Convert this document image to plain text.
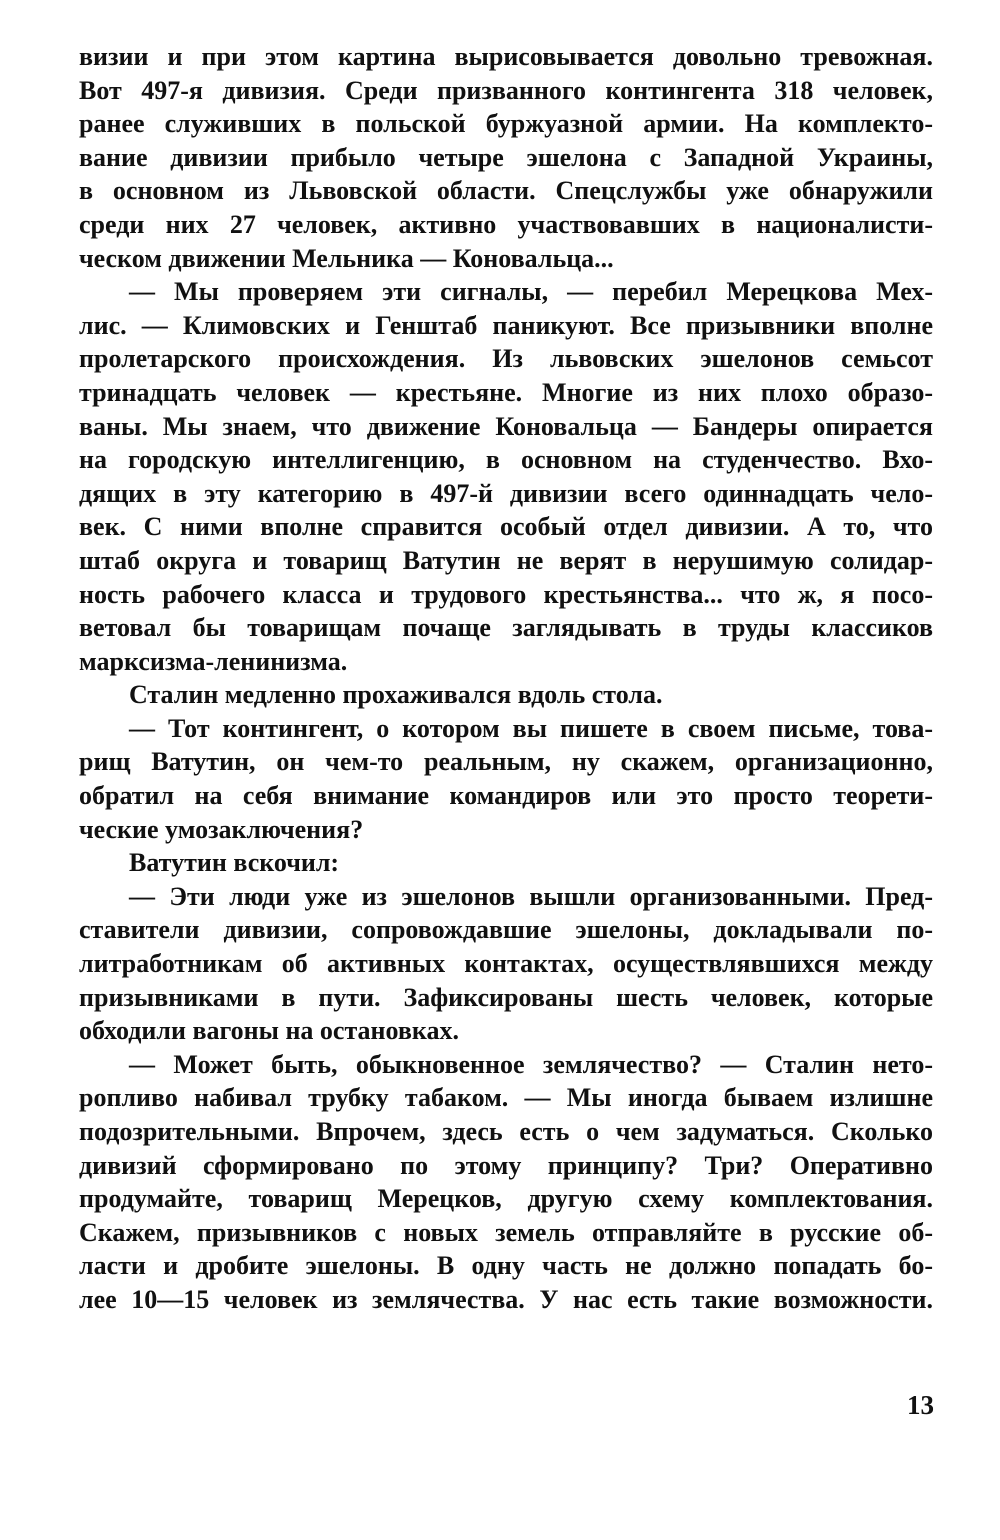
визии и при этом картина вырисовывается довольно тревожная.
Вот 497-я дивизия. Среди призванного контингента 318 человек,
ранее служивших в польской буржуазной армии. На комплекто-
вание дивизии прибыло четыре эшелона с Западной Украины,
в основном из Львовской области. Спецслужбы уже обнаружили
среди них 27 человек, активно участвовавших в националисти-
ческом движении Мельника — Коновальца...
— Мы проверяем эти сигналы, — перебил Мерецкова Мех-
лис. — Климовских и Генштаб паникуют. Все призывники вполне
пролетарского происхождения. Из львовских эшелонов семьсот
тринадцать человек — крестьяне. Многие из них плохо образо-
ваны. Мы знаем, что движение Коновальца — Бандеры опирается
на городскую интеллигенцию, в основном на студенчество. Вхо-
дящих в эту категорию в 497-й дивизии всего одиннадцать чело-
век. С ними вполне справится особый отдел дивизии. А то, что
штаб округа и товарищ Ватутин не верят в нерушимую солидар-
ность рабочего класса и трудового крестьянства... что ж, я посо-
ветовал бы товарищам почаще заглядывать в труды классиков
марксизма-ленинизма.
Сталин медленно прохаживался вдоль стола.
— Тот контингент, о котором вы пишете в своем письме, това-
рищ Ватутин, он чем-то реальным, ну скажем, организационно,
обратил на себя внимание командиров или это просто теорети-
ческие умозаключения?
Ватутин вскочил:
— Эти люди уже из эшелонов вышли организованными. Пред-
ставители дивизии, сопровождавшие эшелоны, докладывали по-
литработникам об активных контактах, осуществлявшихся между
призывниками в пути. Зафиксированы шесть человек, которые
обходили вагоны на остановках.
— Может быть, обыкновенное землячество? — Сталин нето-
ропливо набивал трубку табаком. — Мы иногда бываем излишне
подозрительными. Впрочем, здесь есть о чем задуматься. Сколько
дивизий сформировано по этому принципу? Три? Оперативно
продумайте, товарищ Мерецков, другую схему комплектования.
Скажем, призывников с новых земель отправляйте в русские об-
ласти и дробите эшелоны. В одну часть не должно попадать бо-
лее 10—15 человек из землячества. У нас есть такие возможности.
13
